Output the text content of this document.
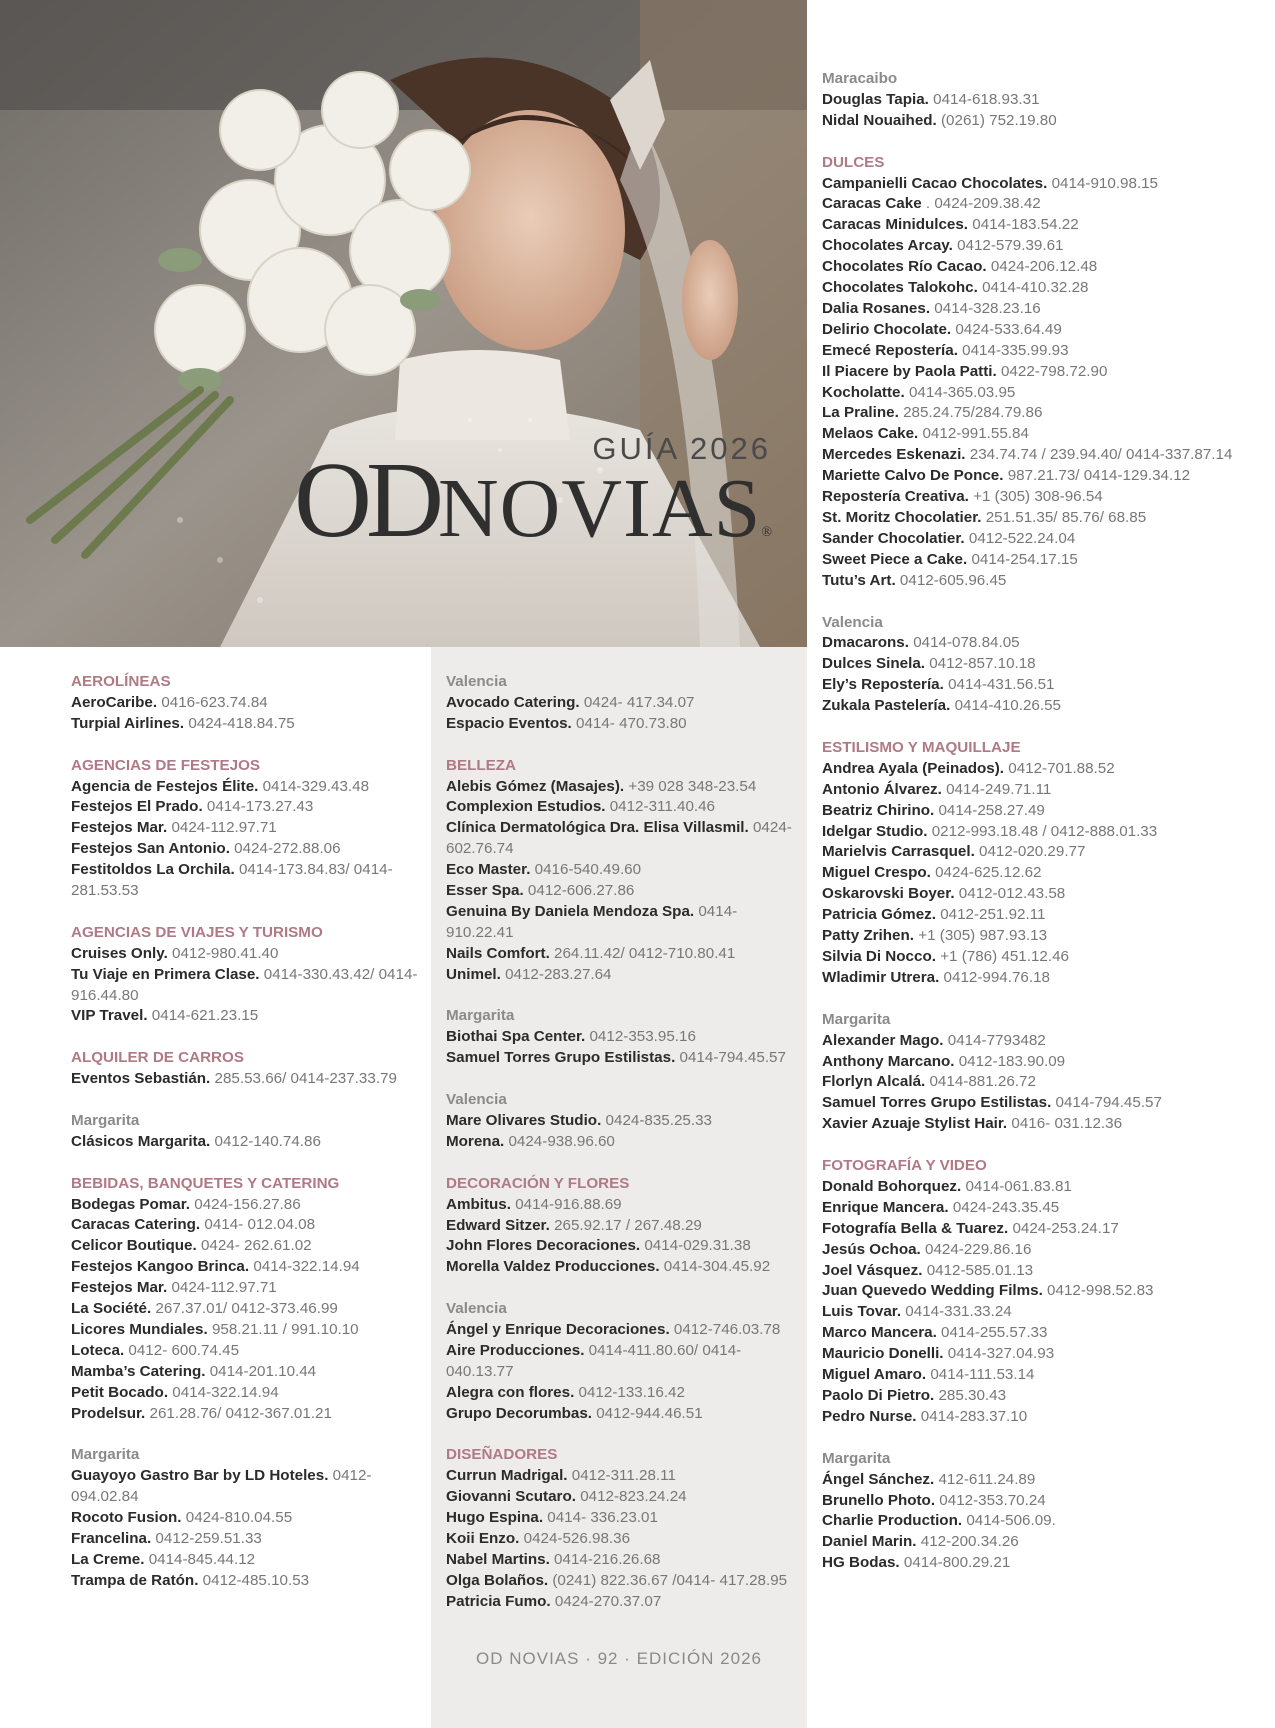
GUÍA 2026
ODNOVIAS®
AEROLÍNEAS
AeroCaribe. 0416-623.74.84
Turpial Airlines. 0424-418.84.75
AGENCIAS DE FESTEJOS
Agencia de Festejos Élite. 0414-329.43.48
Festejos El Prado. 0414-173.27.43
Festejos Mar. 0424-112.97.71
Festejos San Antonio. 0424-272.88.06
Festitoldos La Orchila. 0414-173.84.83/ 0414-281.53.53
AGENCIAS DE VIAJES Y TURISMO
Cruises Only. 0412-980.41.40
Tu Viaje en Primera Clase. 0414-330.43.42/ 0414-916.44.80
VIP Travel. 0414-621.23.15
ALQUILER DE CARROS
Eventos Sebastián. 285.53.66/ 0414-237.33.79
Margarita
Clásicos Margarita. 0412-140.74.86
BEBIDAS, BANQUETES Y CATERING
Bodegas Pomar. 0424-156.27.86
Caracas Catering. 0414- 012.04.08
Celicor Boutique. 0424- 262.61.02
Festejos Kangoo Brinca. 0414-322.14.94
Festejos Mar. 0424-112.97.71
La Société. 267.37.01/ 0412-373.46.99
Licores Mundiales. 958.21.11 / 991.10.10
Loteca. 0412- 600.74.45
Mamba’s Catering. 0414-201.10.44
Petit Bocado. 0414-322.14.94
Prodelsur. 261.28.76/ 0412-367.01.21
Margarita
Guayoyo Gastro Bar by LD Hoteles. 0412-094.02.84
Rocoto Fusion. 0424-810.04.55
Francelina. 0412-259.51.33
La Creme. 0414-845.44.12
Trampa de Ratón. 0412-485.10.53
Valencia
Avocado Catering. 0424- 417.34.07
Espacio Eventos. 0414- 470.73.80
BELLEZA
Alebis Gómez (Masajes). +39 028 348-23.54
Complexion Estudios. 0412-311.40.46
Clínica Dermatológica Dra. Elisa Villasmil. 0424-602.76.74
Eco Master. 0416-540.49.60
Esser Spa. 0412-606.27.86
Genuina By Daniela Mendoza Spa. 0414-910.22.41
Nails Comfort. 264.11.42/ 0412-710.80.41
Unimel. 0412-283.27.64
Margarita
Biothai Spa Center. 0412-353.95.16
Samuel Torres Grupo Estilistas. 0414-794.45.57
Valencia
Mare Olivares Studio. 0424-835.25.33
Morena. 0424-938.96.60
DECORACIÓN Y FLORES
Ambitus. 0414-916.88.69
Edward Sitzer. 265.92.17 / 267.48.29
John Flores Decoraciones. 0414-029.31.38
Morella Valdez Producciones. 0414-304.45.92
Valencia
Ángel y Enrique Decoraciones. 0412-746.03.78
Aire Producciones. 0414-411.80.60/ 0414-040.13.77
Alegra con flores. 0412-133.16.42
Grupo Decorumbas. 0412-944.46.51
DISEÑADORES
Currun Madrigal. 0412-311.28.11
Giovanni Scutaro. 0412-823.24.24
Hugo Espina. 0414- 336.23.01
Koii Enzo. 0424-526.98.36
Nabel Martins. 0414-216.26.68
Olga Bolaños. (0241) 822.36.67 /0414- 417.28.95
Patricia Fumo. 0424-270.37.07
Maracaibo
Douglas Tapia. 0414-618.93.31
Nidal Nouaihed. (0261) 752.19.80
DULCES
Campanielli Cacao Chocolates. 0414-910.98.15
Caracas Cake . 0424-209.38.42
Caracas Minidulces. 0414-183.54.22
Chocolates Arcay. 0412-579.39.61
Chocolates Río Cacao. 0424-206.12.48
Chocolates Talokohc. 0414-410.32.28
Dalia Rosanes. 0414-328.23.16
Delirio Chocolate. 0424-533.64.49
Emecé Repostería. 0414-335.99.93
Il Piacere by Paola Patti. 0422-798.72.90
Kocholatte. 0414-365.03.95
La Praline. 285.24.75/284.79.86
Melaos Cake. 0412-991.55.84
Mercedes Eskenazi. 234.74.74 / 239.94.40/ 0414-337.87.14
Mariette Calvo De Ponce. 987.21.73/ 0414-129.34.12
Repostería Creativa. +1 (305) 308-96.54
St. Moritz Chocolatier. 251.51.35/ 85.76/ 68.85
Sander Chocolatier. 0412-522.24.04
Sweet Piece a Cake. 0414-254.17.15
Tutu’s Art. 0412-605.96.45
Valencia
Dmacarons. 0414-078.84.05
Dulces Sinela. 0412-857.10.18
Ely’s Repostería. 0414-431.56.51
Zukala Pastelería. 0414-410.26.55
ESTILISMO Y MAQUILLAJE
Andrea Ayala (Peinados). 0412-701.88.52
Antonio Álvarez. 0414-249.71.11
Beatriz Chirino. 0414-258.27.49
Idelgar Studio. 0212-993.18.48 / 0412-888.01.33
Marielvis Carrasquel. 0412-020.29.77
Miguel Crespo. 0424-625.12.62
Oskarovski Boyer. 0412-012.43.58
Patricia Gómez. 0412-251.92.11
Patty Zrihen. +1 (305) 987.93.13
Silvia Di Nocco. +1 (786) 451.12.46
Wladimir Utrera. 0412-994.76.18
Margarita
Alexander Mago. 0414-7793482
Anthony Marcano. 0412-183.90.09
Florlyn Alcalá. 0414-881.26.72
Samuel Torres Grupo Estilistas. 0414-794.45.57
Xavier Azuaje Stylist Hair. 0416- 031.12.36
FOTOGRAFÍA Y VIDEO
Donald Bohorquez. 0414-061.83.81
Enrique Mancera. 0424-243.35.45
Fotografía Bella & Tuarez. 0424-253.24.17
Jesús Ochoa. 0424-229.86.16
Joel Vásquez. 0412-585.01.13
Juan Quevedo Wedding Films. 0412-998.52.83
Luis Tovar. 0414-331.33.24
Marco Mancera. 0414-255.57.33
Mauricio Donelli. 0414-327.04.93
Miguel Amaro. 0414-111.53.14
Paolo Di Pietro. 285.30.43
Pedro Nurse. 0414-283.37.10
Margarita
Ángel Sánchez. 412-611.24.89
Brunello Photo. 0412-353.70.24
Charlie Production. 0414-506.09.
Daniel Marin. 412-200.34.26
HG Bodas. 0414-800.29.21
OD NOVIAS · 92 · EDICIÓN 2026
